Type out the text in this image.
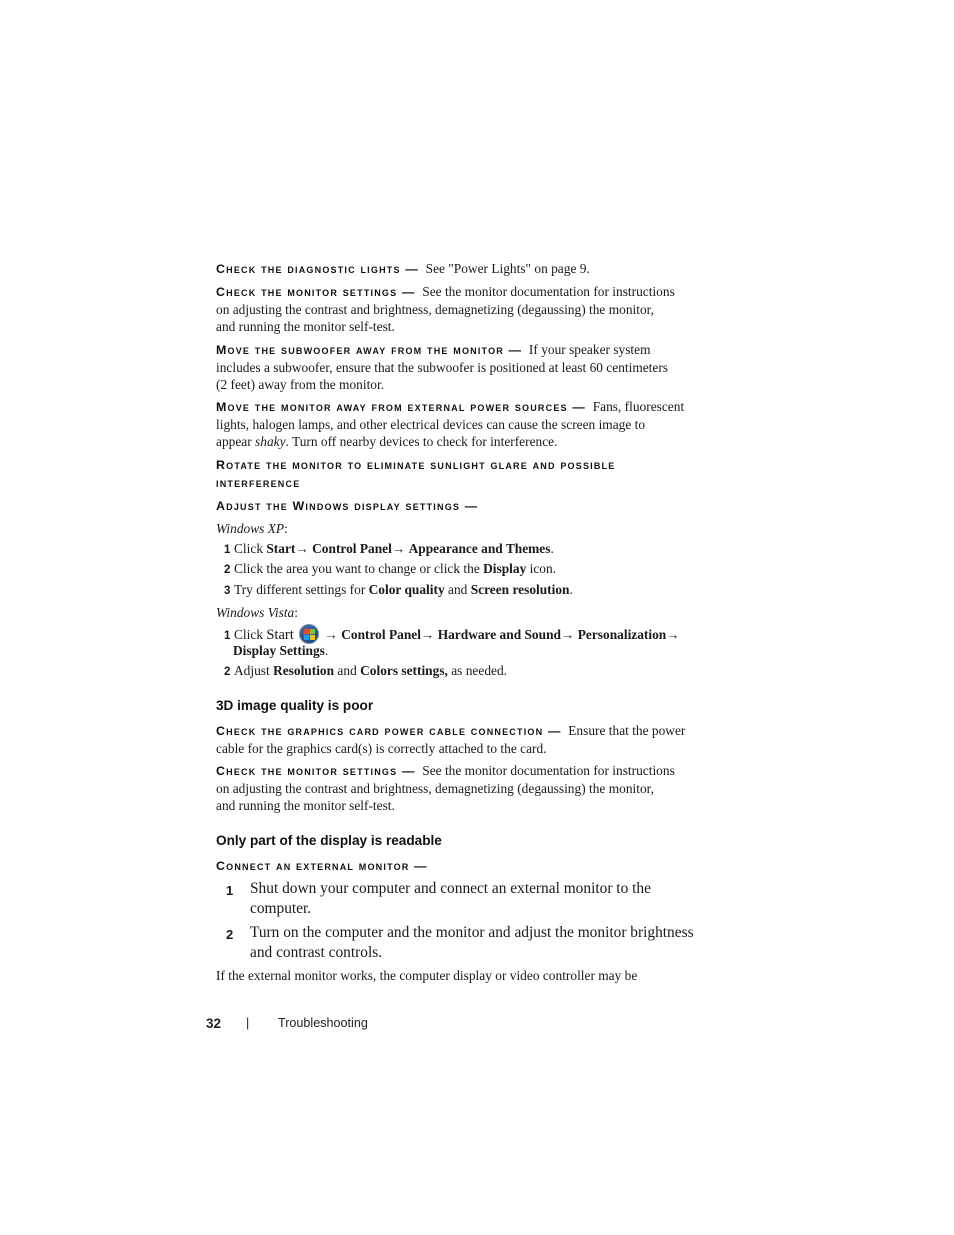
Check the diagnostic lights — See "Power Lights" on page 9.

Check the monitor settings — See the monitor documentation for instructions

on adjusting the contrast and brightness, demagnetizing (degaussing) the monitor,

and running the monitor self-test.

Move the subwoofer away from the monitor — If your speaker system

includes a subwoofer, ensure that the subwoofer is positioned at least 60 centimeters

(2 feet) away from the monitor.

Move the monitor away from external power sources — Fans, fluorescent

lights, halogen lamps, and other electrical devices can cause the screen image to

appear shaky. Turn off nearby devices to check for interference.

Rotate the monitor to eliminate sunlight glare and possible

interference

Adjust the Windows display settings —

Windows XP:

1 Click Start→ Control Panel→ Appearance and Themes.
2 Click the area you want to change or click the Display icon.
3 Try different settings for Color quality and Screen resolution.

Windows Vista:

1 Click Start
→ Control Panel→ Hardware and Sound→ Personalization→
Display Settings.
2 Adjust Resolution and Colors settings, as needed.

3D image quality is poor

Check the graphics card power cable connection — Ensure that the power

cable for the graphics card(s) is correctly attached to the card.

Check the monitor settings — See the monitor documentation for instructions

on adjusting the contrast and brightness, demagnetizing (degaussing) the monitor,

and running the monitor self-test.

Only part of the display is readable

Connect an external monitor —

1 Shut down your computer and connect an external monitor to the
computer.
2 Turn on the computer and the monitor and adjust the monitor brightness
and contrast controls.

If the external monitor works, the computer display or video controller may be

32 | Troubleshooting
